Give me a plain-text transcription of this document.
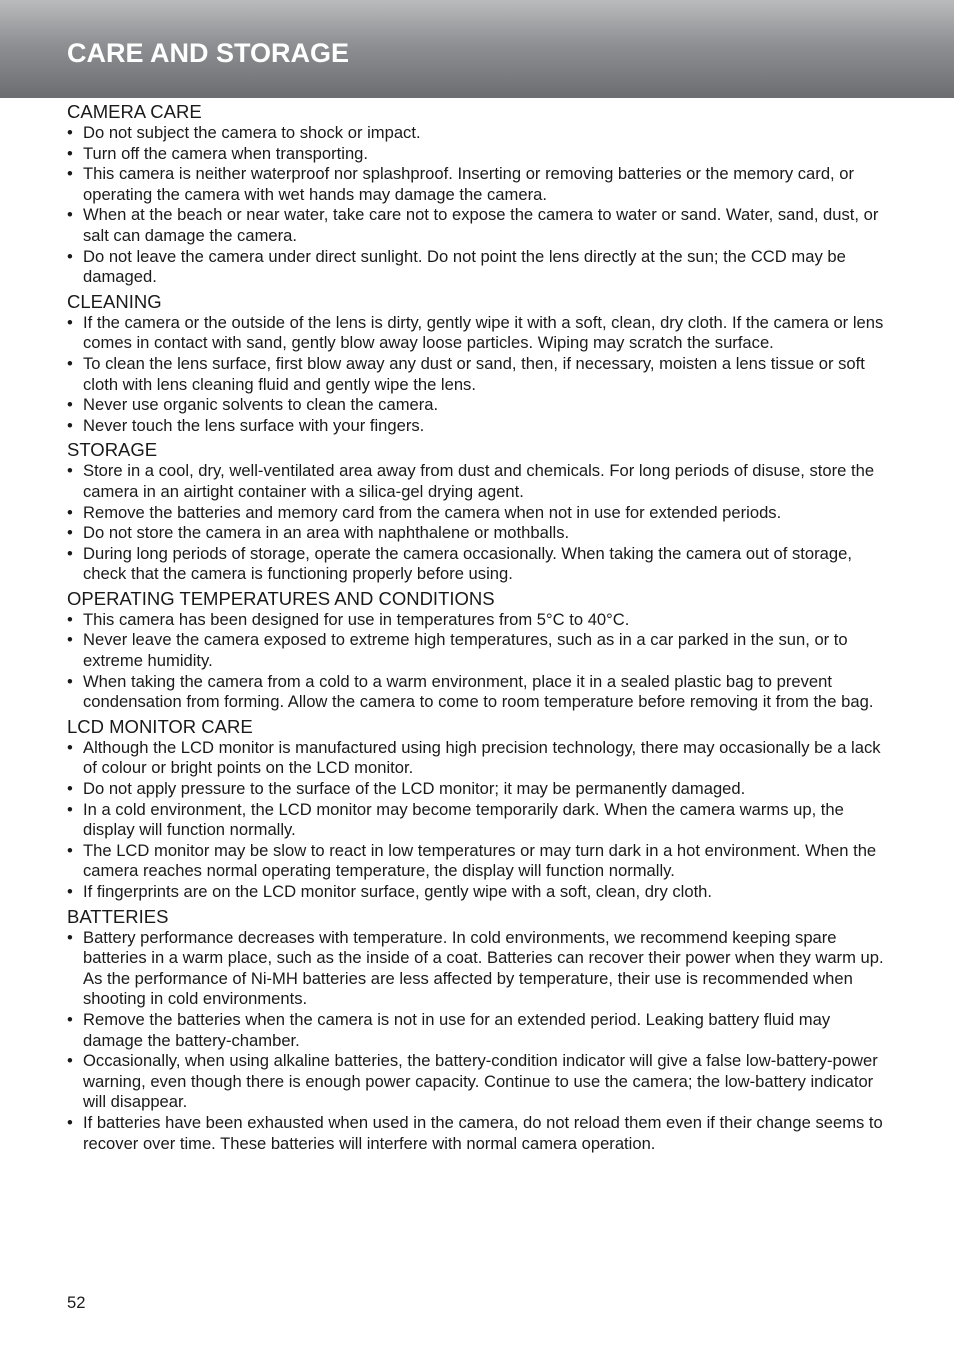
CARE AND STORAGE
CAMERA CARE
• Do not subject the camera to shock or impact.
• Turn off the camera when transporting.
• This camera is neither waterproof nor splashproof. Inserting or removing batteries or the memory card, or operating the camera with wet hands may damage the camera.
• When at the beach or near water, take care not to expose the camera to water or sand. Water, sand, dust, or salt can damage the camera.
• Do not leave the camera under direct sunlight. Do not point the lens directly at the sun; the CCD may be damaged.
CLEANING
• If the camera or the outside of the lens is dirty, gently wipe it with a soft, clean, dry cloth. If the camera or lens comes in contact with sand, gently blow away loose particles. Wiping may scratch the surface.
• To clean the lens surface, first blow away any dust or sand, then, if necessary, moisten a lens tissue or soft cloth with lens cleaning fluid and gently wipe the lens.
• Never use organic solvents to clean the camera.
• Never touch the lens surface with your fingers.
STORAGE
• Store in a cool, dry, well-ventilated area away from dust and chemicals. For long periods of disuse, store the camera in an airtight container with a silica-gel drying agent.
• Remove the batteries and memory card from the camera when not in use for extended periods.
• Do not store the camera in an area with naphthalene or mothballs.
• During long periods of storage, operate the camera occasionally. When taking the camera out of storage, check that the camera is functioning properly before using.
OPERATING TEMPERATURES AND CONDITIONS
• This camera has been designed for use in temperatures from 5°C to 40°C.
• Never leave the camera exposed to extreme high temperatures, such as in a car parked in the sun, or to extreme humidity.
• When taking the camera from a cold to a warm environment, place it in a sealed plastic bag to prevent condensation from forming. Allow the camera to come to room temperature before removing it from the bag.
LCD MONITOR CARE
• Although the LCD monitor is manufactured using high precision technology, there may occasionally be a lack of colour or bright points on the LCD monitor.
• Do not apply pressure to the surface of the LCD monitor; it may be permanently damaged.
• In a cold environment, the LCD monitor may become temporarily dark. When the camera warms up, the display will function normally.
• The LCD monitor may be slow to react in low temperatures or may turn dark in a hot environment. When the camera reaches normal operating temperature, the display will function normally.
• If fingerprints are on the LCD monitor surface, gently wipe with a soft, clean, dry cloth.
BATTERIES
• Battery performance decreases with temperature. In cold environments, we recommend keeping spare batteries in a warm place, such as the inside of a coat. Batteries can recover their power when they warm up. As the performance of Ni-MH batteries are less affected by temperature, their use is recommended when shooting in cold environments.
• Remove the batteries when the camera is not in use for an extended period. Leaking battery fluid may damage the battery-chamber.
• Occasionally, when using alkaline batteries, the battery-condition indicator will give a false low-battery-power warning, even though there is enough power capacity. Continue to use the camera; the low-battery indicator will disappear.
• If batteries have been exhausted when used in the camera, do not reload them even if their change seems to recover over time. These batteries will interfere with normal camera operation.
52
